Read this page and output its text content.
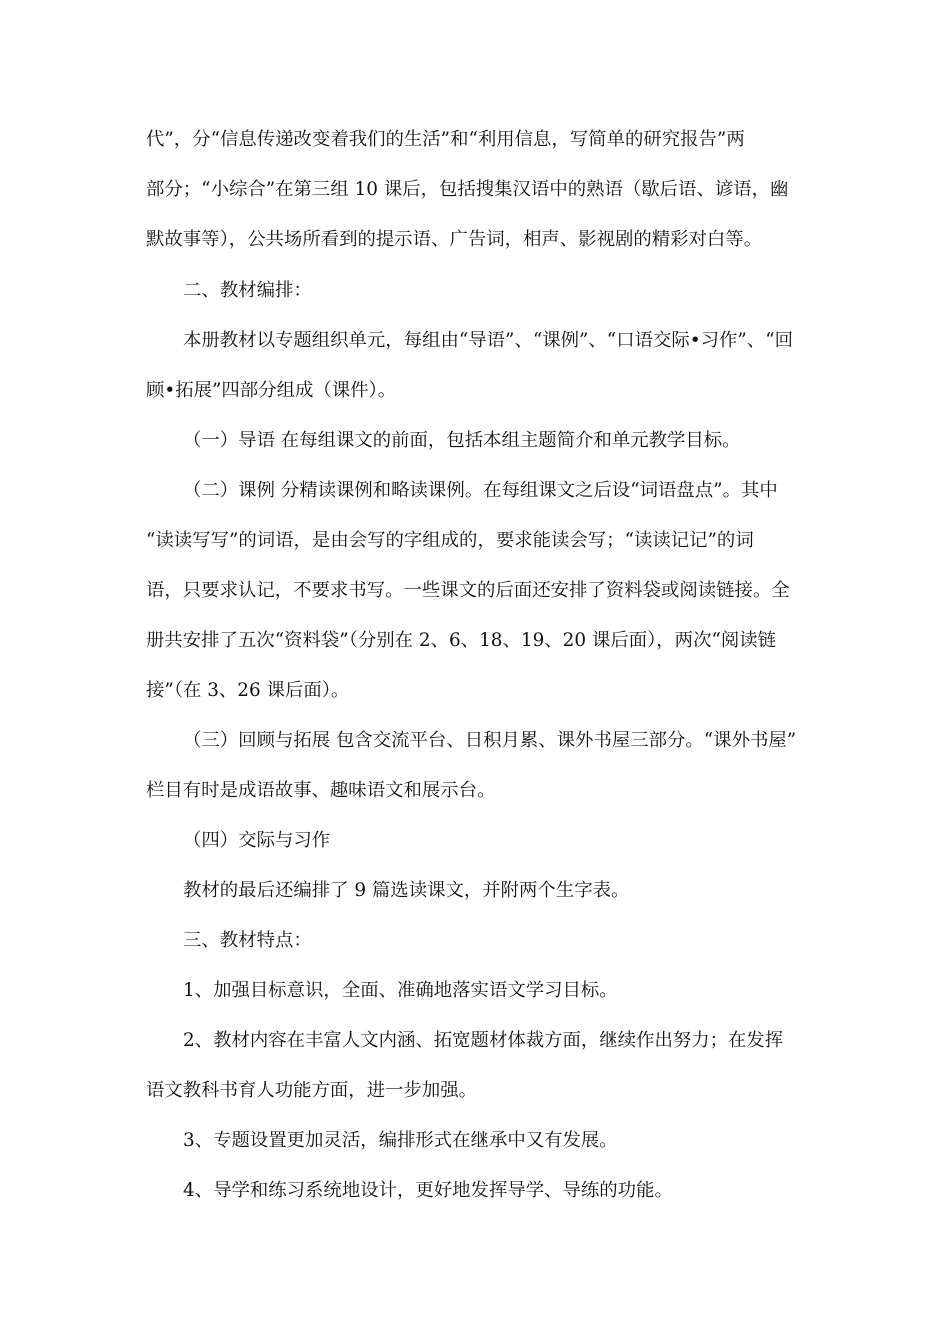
代”，分“信息传递改变着我们的生活”和“利用信息，写简单的研究报告”两
部分；“小综合”在第三组 10 课后，包括搜集汉语中的熟语（歇后语、谚语，幽
默故事等），公共场所看到的提示语、广告词，相声、影视剧的精彩对白等。
二、教材编排：
本册教材以专题组织单元，每组由“导语”、“课例”、“口语交际•习作”、“回
顾•拓展”四部分组成（课件）。
（一）导语 在每组课文的前面，包括本组主题简介和单元教学目标。
（二）课例 分精读课例和略读课例。在每组课文之后设“词语盘点”。其中
“读读写写”的词语，是由会写的字组成的，要求能读会写；“读读记记”的词
语，只要求认记，不要求书写。一些课文的后面还安排了资料袋或阅读链接。全
册共安排了五次“资料袋”（分别在 2、6、18、19、20 课后面），两次“阅读链
接”（在 3、26 课后面）。
（三）回顾与拓展 包含交流平台、日积月累、课外书屋三部分。“课外书屋”
栏目有时是成语故事、趣味语文和展示台。
（四）交际与习作
教材的最后还编排了 9 篇选读课文，并附两个生字表。
三、教材特点：
1、加强目标意识，全面、准确地落实语文学习目标。
2、教材内容在丰富人文内涵、拓宽题材体裁方面，继续作出努力；在发挥
语文教科书育人功能方面，进一步加强。
3、专题设置更加灵活，编排形式在继承中又有发展。
4、导学和练习系统地设计，更好地发挥导学、导练的功能。
